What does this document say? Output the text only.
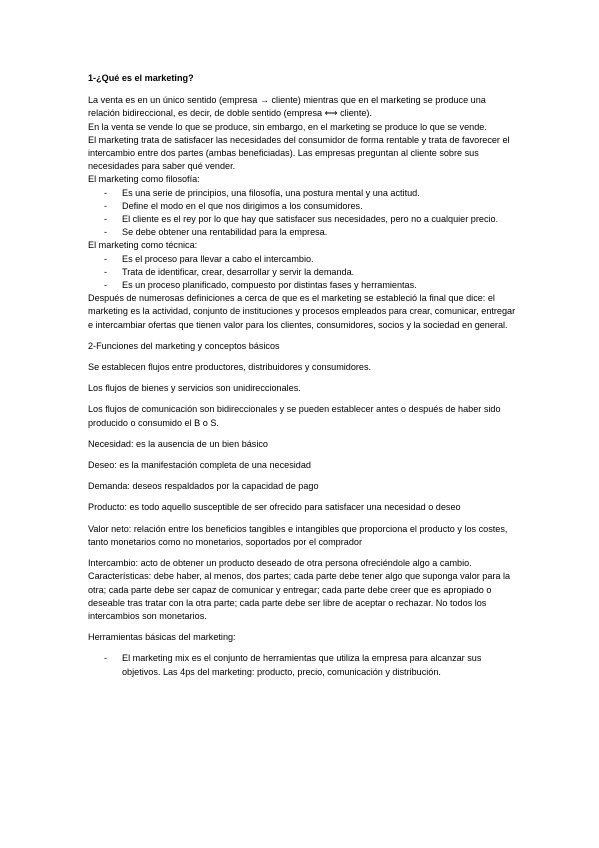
1-¿Qué es el marketing?

La venta es en un único sentido (empresa → cliente) mientras que en el marketing se produce una relación bidireccional, es decir, de doble sentido (empresa ⟷ cliente).

En la venta se vende lo que se produce, sin embargo, en el marketing se produce lo que se vende.

El marketing trata de satisfacer las necesidades del consumidor de forma rentable y trata de favorecer el intercambio entre dos partes (ambas beneficiadas). Las empresas preguntan al cliente sobre sus necesidades para saber qué vender.

El marketing como filosofía:

- Es una serie de principios, una filosofía, una postura mental y una actitud.
- Define el modo en el que nos dirigimos a los consumidores.
- El cliente es el rey por lo que hay que satisfacer sus necesidades, pero no a cualquier precio.
- Se debe obtener una rentabilidad para la empresa.

El marketing como técnica:

- Es el proceso para llevar a cabo el intercambio.
- Trata de identificar, crear, desarrollar y servir la demanda.
- Es un proceso planificado, compuesto por distintas fases y herramientas.

Después de numerosas definiciones a cerca de que es el marketing se estableció la final que dice: el marketing es la actividad, conjunto de instituciones y procesos empleados para crear, comunicar, entregar e intercambiar ofertas que tienen valor para los clientes, consumidores, socios y la sociedad en general.

2-Funciones del marketing y conceptos básicos

Se establecen flujos entre productores, distribuidores y consumidores.

Los flujos de bienes y servicios son unidireccionales.

Los flujos de comunicación son bidireccionales y se pueden establecer antes o después de haber sido producido o consumido el B o S.

Necesidad: es la ausencia de un bien básico

Deseo: es la manifestación completa de una necesidad

Demanda: deseos respaldados por la capacidad de pago

Producto: es todo aquello susceptible de ser ofrecido para satisfacer una necesidad o deseo

Valor neto: relación entre los beneficios tangibles e intangibles que proporciona el producto y los costes, tanto monetarios como no monetarios, soportados por el comprador

Intercambio: acto de obtener un producto deseado de otra persona ofreciéndole algo a cambio. Características: debe haber, al menos, dos partes; cada parte debe tener algo que suponga valor para la otra; cada parte debe ser capaz de comunicar y entregar; cada parte debe creer que es apropiado o deseable tras tratar con la otra parte; cada parte debe ser libre de aceptar o rechazar. No todos los intercambios son monetarios.

Herramientas básicas del marketing:

- El marketing mix es el conjunto de herramientas que utiliza la empresa para alcanzar sus objetivos. Las 4ps del marketing: producto, precio, comunicación y distribución.
